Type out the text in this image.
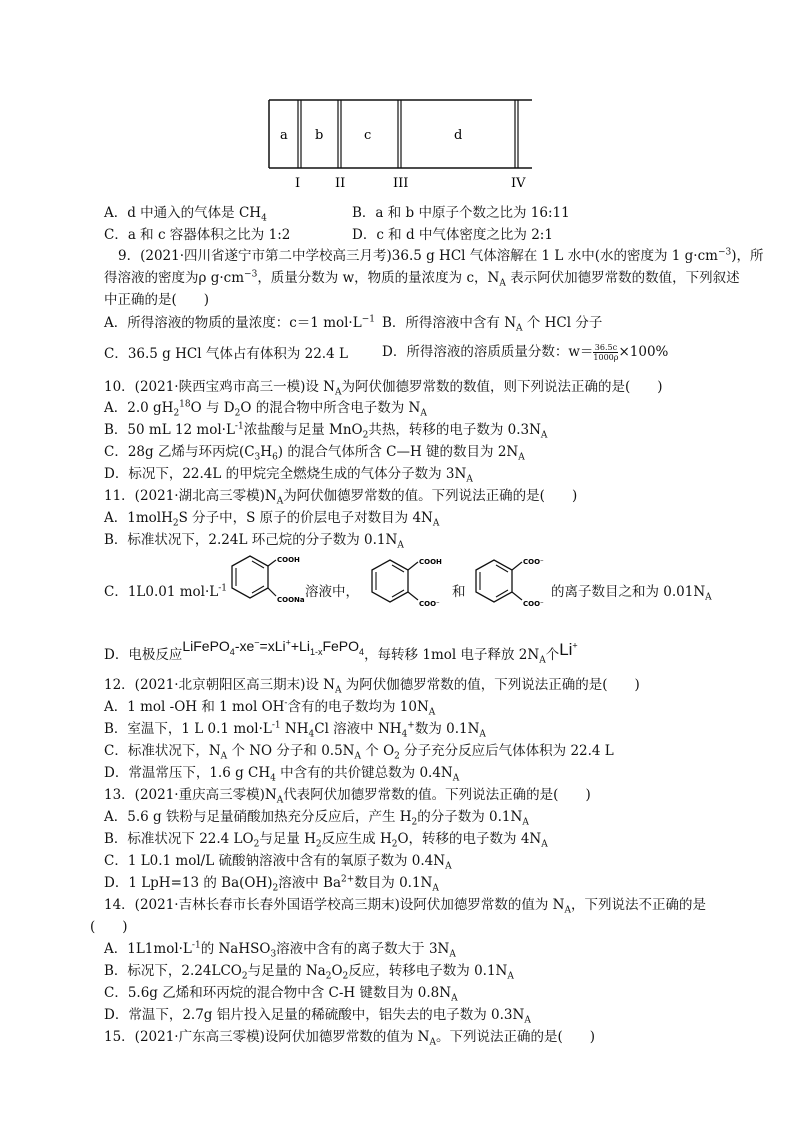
a b	c	d
I	II	III	IV
A．d 中通入的气体是 $CH_4$	B．a 和 b 中原子个数之比为 16:11
C．a 和 c 容器体积之比为 1:2	D．c 和 d 中气体密度之比为 2:1
9．(2021·四川省遂宁市第二中学校高三月考)36.5 g HCl 气体溶解在 1 L 水中(水的密度为 1 $g\cdot cm^{-3}$)，所
得溶液的密度为ρ $g\cdot cm^{-3}$，质量分数为 w，物质的量浓度为 c，$N_A$ 表示阿伏加德罗常数的数值，下列叙述
中正确的是(　　)
A．所得溶液的物质的量浓度：c＝1 $mol\cdot L^{-1}$ B．所得溶液中含有 $N_A$ 个 HCl 分子
C．36.5 g HCl 气体占有体积为 22.4 L	D．所得溶液的溶质质量分数：$w= \frac{36.5c}{1000\rho} \times 100\%$
10．(2021·陕西宝鸡市高三一模)设 $N_A$为阿伏伽德罗常数的数值，则下列说法正确的是(　　)
A．2.0 $gH_2^{18}O$ 与 $D_2O$ 的混合物中所含电子数为 $N_A$
B．50 mL 12 $mol\cdot L^{-1}$浓盐酸与足量 MnO$_2$共热，转移的电子数为 $0.3N_A$
C．28g 乙烯与环丙烷$(C_3H_6)$ 的混合气体所含 C—H 键的数目为 $2N_A$
D．标况下，22.4L 的甲烷完全燃烧生成的气体分子数为 $3N_A$
11．(2021·湖北高三零模)$N_A$为阿伏伽德罗常数的值。下列说法正确的是(　　)
A．1molH$_2$S 分子中，S 原子的价层电子对数目为 $4N_A$
B．标准状况下，2.24L 环己烷的分子数为 $0.1N_A$
C．1L0.01 $mol\cdot L^{-1}$
COOH
COONa 溶液中，
COOH
COO⁻
和
COO⁻
COO⁻
的离子数目之和为 $0.01N_A$
D．电极反应$LiFePO_4-xe^-=xLi^++Li_{1-x}FePO_4$，每转移 1mol 电子释放 $2N_A$个Li+
12．(2021·北京朝阳区高三期末)设 $N_A$ 为阿伏伽德罗常数的值，下列说法正确的是(　　)
A．1 mol -OH 和 1 mol OH-含有的电子数均为 $10N_A$
B．室温下，1 L 0.1 $mol\cdot L^{-1}$ $NH_4Cl$ 溶液中 $NH_4^+$数为 $0.1N_A$
C．标准状况下，$N_A$ 个 NO 分子和 $0.5N_A$ 个 $O_2$ 分子充分反应后气体体积为 22.4 L
D．常温常压下，1.6 g $CH_4$ 中含有的共价键总数为 $0.4N_A$
13．(2021·重庆高三零模)$N_A$代表阿伏加德罗常数的值。下列说法正确的是(　　)
A．5.6 g 铁粉与足量硝酸加热充分反应后，产生 $H_2$的分子数为 $0.1N_A$
B．标准状况下 22.4 $LO_2$与足量 $H_2$反应生成 $H_2O$，转移的电子数为 $4N_A$
C．1 L0.1 mol/L 硫酸钠溶液中含有的氧原子数为 $0.4N_A$
D．1 LpH=13 的 $Ba(OH)_2$溶液中 $Ba^{2+}$数目为 $0.1N_A$
14．(2021·吉林长春市长春外国语学校高三期末)设阿伏加德罗常数的值为 $N_A$，下列说法不正确的是
(　　)
A．$1L1mol\cdot L^{-1}$的 NaHSO$_3$溶液中含有的离子数大于 $3N_A$
B．标况下，$2.24LCO_2$与足量的 $Na_2O_2$反应，转移电子数为 $0.1N_A$
C．5.6g 乙烯和环丙烷的混合物中含 C-H 键数目为 $0.8N_A$
D．常温下，2.7g 铝片投入足量的稀硫酸中，铝失去的电子数为 $0.3N_A$
15．(2021·广东高三零模)设阿伏加德罗常数的值为 $N_A$。下列说法正确的是(　　)
